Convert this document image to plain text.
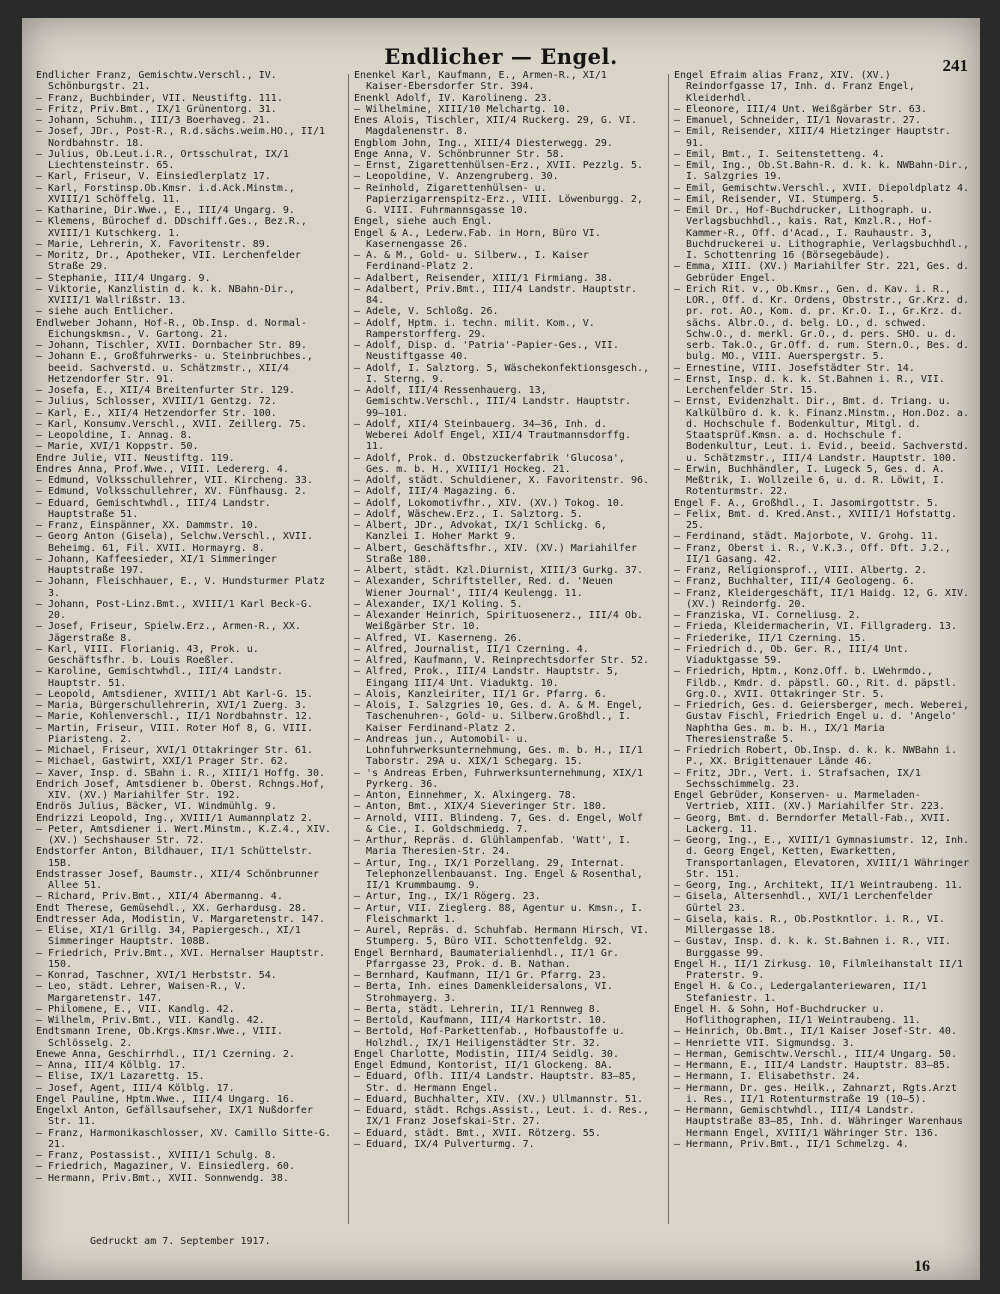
Endlicher — Engel.	241

Endlicher Franz, Gemischtw.Verschl., IV. Schönburgstr. 21.

– Franz, Buchbinder, VII. Neustiftg. 111.

– Fritz, Priv.Bmt., IX/1 Grünentorg. 31.

– Johann, Schuhm., III/3 Boerhaveg. 21.

– Josef, JDr., Post-R., R.d.sächs.weim.HO., II/1 Nordbahnstr. 18.

– Julius, Ob.Leut.i.R., Ortsschulrat, IX/1 Liechtensteinstr. 65.

– Karl, Friseur, V. Einsiedlerplatz 17.

– Karl, Forstinsp.Ob.Kmsr. i.d.Ack.Minstm., XVIII/1 Schöffelg. 11.

– Katharine, Dir.Wwe., E., III/4 Ungarg. 9.

– Klemens, Bürochef d. DDschiff.Ges., Bez.R., XVIII/1 Kutschkerg. 1.

– Marie, Lehrerin, X. Favoritenstr. 89.

– Moritz, Dr., Apotheker, VII. Lerchenfelder Straße 29.

– Stephanie, III/4 Ungarg. 9.

– Viktorie, Kanzlistin d. k. k. NBahn-Dir., XVIII/1 Wallrißstr. 13.

– siehe auch Entlicher.

Endlweber Johann, Hof-R., Ob.Insp. d. Normal-Eichungskmsn., V. Gartong. 21.

– Johann, Tischler, XVII. Dornbacher Str. 89.

– Johann E., Großfuhrwerks- u. Steinbruchbes., beeid. Sachverstd. u. Schätzmstr., XII/4 Hetzendorfer Str. 91.

– Josefa, E., XII/4 Breitenfurter Str. 129.

– Julius, Schlosser, XVIII/1 Gentzg. 72.

– Karl, E., XII/4 Hetzendorfer Str. 100.

– Karl, Konsumv.Verschl., XVII. Zeillerg. 75.

– Leopoldine, I. Annag. 8.

– Marie, XVI/1 Koppstr. 50.

Endre Julie, VII. Neustiftg. 119.

Endres Anna, Prof.Wwe., VIII. Ledererg. 4.

– Edmund, Volksschullehrer, VII. Kircheng. 33.

– Edmund, Volksschullehrer, XV. Fünfhausg. 2.

– Eduard, Gemischtwhdl., III/4 Landstr. Hauptstraße 51.

– Franz, Einspänner, XX. Dammstr. 10.

– Georg Anton (Gisela), Selchw.Verschl., XVII. Beheimg. 61, Fil. XVII. Hormayrg. 8.

– Johann, Kaffeesieder, XI/1 Simmeringer Hauptstraße 197.

– Johann, Fleischhauer, E., V. Hundsturmer Platz 3.

– Johann, Post-Linz.Bmt., XVIII/1 Karl Beck-G. 20.

– Josef, Friseur, Spielw.Erz., Armen-R., XX. Jägerstraße 8.

– Karl, VIII. Florianig. 43, Prok. u. Geschäftsfhr. b. Louis Roeßler.

– Karoline, Gemischtwhdl., III/4 Landstr. Hauptstr. 51.

– Leopold, Amtsdiener, XVIII/1 Abt Karl-G. 15.

– Maria, Bürgerschullehrerin, XVI/1 Zuerg. 3.

– Marie, Kohlenverschl., II/1 Nordbahnstr. 12.

– Martin, Friseur, VIII. Roter Hof 8, G. VIII. Piaristeng. 2.

– Michael, Friseur, XVI/1 Ottakringer Str. 61.

– Michael, Gastwirt, XXI/1 Prager Str. 62.

– Xaver, Insp. d. SBahn i. R., XIII/1 Hoffg. 30.

Endrich Josef, Amtsdiener b. Oberst. Rchngs.Hof, XIV. (XV.) Mariahilfer Str. 192.

Endrös Julius, Bäcker, VI. Windmühlg. 9.

Endrizzi Leopold, Ing., XVIII/1 Aumannplatz 2.

– Peter, Amtsdiener i. Wert.Minstm., K.Z.4., XIV. (XV.) Sechshauser Str. 72.

Endstorfer Anton, Bildhauer, II/1 Schüttelstr. 15B.

Endstrasser Josef, Baumstr., XII/4 Schönbrunner Allee 51.

– Richard, Priv.Bmt., XII/4 Abermanng. 4.

Endt Therese, Gemüsehdl., XX. Gerhardusg. 28.

Endtresser Ada, Modistin, V. Margaretenstr. 147.

– Elise, XI/1 Grillg. 34, Papiergesch., XI/1 Simmeringer Hauptstr. 108B.

– Friedrich, Priv.Bmt., XVI. Hernalser Hauptstr. 150.

– Konrad, Taschner, XVI/1 Herbststr. 54.

– Leo, städt. Lehrer, Waisen-R., V. Margaretenstr. 147.

– Philomene, E., VII. Kandlg. 42.

– Wilhelm, Priv.Bmt., VII. Kandlg. 42.

Endtsmann Irene, Ob.Krgs.Kmsr.Wwe., VIII. Schlösselg. 2.

Enewe Anna, Geschirrhdl., II/1 Czerning. 2.

– Anna, III/4 Kölblg. 17.

– Elise, IX/1 Lazarettg. 15.

– Josef, Agent, III/4 Kölblg. 17.

Engel Pauline, Hptm.Wwe., III/4 Ungarg. 16.

Engelxl Anton, Gefällsaufseher, IX/1 Nußdorfer Str. 11.

– Franz, Harmonikaschlosser, XV. Camillo Sitte-G. 21.

– Franz, Postassist., XVIII/1 Schulg. 8.

– Friedrich, Magaziner, V. Einsiedlerg. 60.

– Hermann, Priv.Bmt., XVII. Sonnwendg. 38.

Enenkel Karl, Kaufmann, E., Armen-R., XI/1 Kaiser-Ebersdorfer Str. 394.

Enenkl Adolf, IV. Karolineng. 23.

– Wilhelmine, XIII/10 Melchartg. 10.

Enes Alois, Tischler, XII/4 Ruckerg. 29, G. VI. Magdalenenstr. 8.

Engblom John, Ing., XIII/4 Diesterwegg. 29.

Enge Anna, V. Schönbrunner Str. 58.

– Ernst, Zigarettenhülsen-Erz., XVII. Pezzlg. 5.

– Leopoldine, V. Anzengruberg. 30.

– Reinhold, Zigarettenhülsen- u. Papierzigarrenspitz-Erz., VIII. Löwenburgg. 2, G. VIII. Fuhrmannsgasse 10.

Engel, siehe auch Engl.

Engel & A., Lederw.Fab. in Horn, Büro VI. Kasernengasse 26.

– A. & M., Gold- u. Silberw., I. Kaiser Ferdinand-Platz 2.

– Adalbert, Reisender, XIII/1 Firmiang. 38.

– Adalbert, Priv.Bmt., III/4 Landstr. Hauptstr. 84.

– Adele, V. Schloßg. 26.

– Adolf, Hptm. i. techn. milit. Kom., V. Ramperstorfferg. 29.

– Adolf, Disp. d. 'Patria'-Papier-Ges., VII. Neustiftgasse 40.

– Adolf, I. Salztorg. 5, Wäschekonfektionsgesch., I. Sterng. 9.

– Adolf, III/4 Ressenhauerg. 13, Gemischtw.Verschl., III/4 Landstr. Hauptstr. 99–101.

– Adolf, XII/4 Steinbauerg. 34–36, Inh. d. Weberei Adolf Engel, XII/4 Trautmannsdorffg. 11.

– Adolf, Prok. d. Obstzuckerfabrik 'Glucosa', Ges. m. b. H., XVIII/1 Hockeg. 21.

– Adolf, städt. Schuldiener, X. Favoritenstr. 96.

– Adolf, III/4 Magazing. 6.

– Adolf, Lokomotivfhr., XIV. (XV.) Tokog. 10.

– Adolf, Wäschew.Erz., I. Salztorg. 5.

– Albert, JDr., Advokat, IX/1 Schlickg. 6, Kanzlei I. Hoher Markt 9.

– Albert, Geschäftsfhr., XIV. (XV.) Mariahilfer Straße 180.

– Albert, städt. Kzl.Diurnist, XIII/3 Gurkg. 37.

– Alexander, Schriftsteller, Red. d. 'Neuen Wiener Journal', III/4 Keulengg. 11.

– Alexander, IX/1 Koling. 5.

– Alexander Heinrich, Spirituosenerz., III/4 Ob. Weißgärber Str. 10.

– Alfred, VI. Kaserneng. 26.

– Alfred, Journalist, II/1 Czerning. 4.

– Alfred, Kaufmann, V. Reinprechtsdorfer Str. 52.

– Alfred, Prok., III/4 Landstr. Hauptstr. 5, Eingang III/4 Unt. Viaduktg. 10.

– Alois, Kanzleiriter, II/1 Gr. Pfarrg. 6.

– Alois, I. Salzgries 10, Ges. d. A. & M. Engel, Taschenuhren-, Gold- u. Silberw.Großhdl., I. Kaiser Ferdinand-Platz 2.

– Andreas jun., Automobil- u. Lohnfuhrwerksunternehmung, Ges. m. b. H., II/1 Taborstr. 29A u. XIX/1 Schegarg. 15.

– 's Andreas Erben, Fuhrwerksunternehmung, XIX/1 Pyrkerg. 36.

– Anton, Einnehmer, X. Alxingerg. 78.

– Anton, Bmt., XIX/4 Sieveringer Str. 180.

– Arnold, VIII. Blindeng. 7, Ges. d. Engel, Wolf & Cie., I. Goldschmiedg. 7.

– Arthur, Repräs. d. Glühlampenfab. 'Watt', I. Maria Theresien-Str. 24.

– Artur, Ing., IX/1 Porzellang. 29, Internat. Telephonzellenbauanst. Ing. Engel & Rosenthal, II/1 Krummbaumg. 9.

– Artur, Ing., IX/1 Rögerg. 23.

– Artur, VII. Zieglerg. 88, Agentur u. Kmsn., I. Fleischmarkt 1.

– Aurel, Repräs. d. Schuhfab. Hermann Hirsch, VI. Stumperg. 5, Büro VII. Schottenfeldg. 92.

Engel Bernhard, Baumaterialienhdl., II/1 Gr. Pfarrgasse 23, Prok. d. B. Nathan.

– Bernhard, Kaufmann, II/1 Gr. Pfarrg. 23.

– Berta, Inh. eines Damenkleidersalons, VI. Strohmayerg. 3.

– Berta, städt. Lehrerin, II/1 Rennweg 8.

– Bertold, Kaufmann, III/4 Harkortstr. 10.

– Bertold, Hof-Parkettenfab., Hofbaustoffe u. Holzhdl., IX/1 Heiligenstädter Str. 32.

Engel Charlotte, Modistin, III/4 Seidlg. 30.

Engel Edmund, Kontorist, II/1 Glockeng. 8A.

– Eduard, Oflh. III/4 Landstr. Hauptstr. 83–85, Str. d. Hermann Engel.

– Eduard, Buchhalter, XIV. (XV.) Ullmannstr. 51.

– Eduard, städt. Rchgs.Assist., Leut. i. d. Res., IX/1 Franz Josefskai-Str. 27.

– Eduard, städt. Bmt., XVII. Rötzerg. 55.

– Eduard, IX/4 Pulverturmg. 7.

Engel Efraim alias Franz, XIV. (XV.) Reindorfgasse 17, Inh. d. Franz Engel, Kleiderhdl.

– Eleonore, III/4 Unt. Weißgärber Str. 63.

– Emanuel, Schneider, II/1 Novarastr. 27.

– Emil, Reisender, XIII/4 Hietzinger Hauptstr. 91.

– Emil, Bmt., I. Seitenstetteng. 4.

– Emil, Ing., Ob.St.Bahn-R. d. k. k. NWBahn-Dir., I. Salzgries 19.

– Emil, Gemischtw.Verschl., XVII. Diepoldplatz 4.

– Emil, Reisender, VI. Stumperg. 5.

– Emil Dr., Hof-Buchdrucker, Lithograph. u. Verlagsbuchhdl., kais. Rat, Kmzl.R., Hof-Kammer-R., Off. d'Acad., I. Rauhaustr. 3, Buchdruckerei u. Lithographie, Verlagsbuchhdl., I. Schottenring 16 (Börsegebäude).

– Emma, XIII. (XV.) Mariahilfer Str. 221, Ges. d. Gebrüder Engel.

– Erich Rit. v., Ob.Kmsr., Gen. d. Kav. i. R., LOR., Off. d. Kr. Ordens, Obstrstr., Gr.Krz. d. pr. rot. AO., Kom. d. pr. Kr.O. I., Gr.Krz. d. sächs. Albr.O., d. belg. LO., d. schwed. Schw.O., d. merkl. Gr.O., d. pers. SHO. u. d. serb. Tak.O., Gr.Off. d. rum. Stern.O., Bes. d. bulg. MO., VIII. Auerspergstr. 5.

– Ernestine, VIII. Josefstädter Str. 14.

– Ernst, Insp. d. k. k. St.Bahnen i. R., VII. Lerchenfelder Str. 15.

– Ernst, Evidenzhalt. Dir., Bmt. d. Triang. u. Kalkülbüro d. k. k. Finanz.Minstm., Hon.Doz. a. d. Hochschule f. Bodenkultur, Mitgl. d. Staatsprüf.Kmsn. a. d. Hochschule f. Bodenkultur, Leut. i. Evid., beeid. Sachverstd. u. Schätzmstr., III/4 Landstr. Hauptstr. 100.

– Erwin, Buchhändler, I. Lugeck 5, Ges. d. A. Meßtrik, I. Wollzeile 6, u. d. R. Löwit, I. Rotenturmstr. 22.

Engel F. A., Großhdl., I. Jasomirgottstr. 5.

– Felix, Bmt. d. Kred.Anst., XVIII/1 Hofstattg. 25.

– Ferdinand, städt. Majorbote, V. Grohg. 11.

– Franz, Oberst i. R., V.K.3., Off. Dft. J.2., II/1 Gasang. 42.

– Franz, Religionsprof., VIII. Albertg. 2.

– Franz, Buchhalter, III/4 Geologeng. 6.

– Franz, Kleidergeschäft, II/1 Haidg. 12, G. XIV. (XV.) Reindorfg. 20.

– Franziska, VI. Corneliusg. 2.

– Frieda, Kleidermacherin, VI. Fillgraderg. 13.

– Friederike, II/1 Czerning. 15.

– Friedrich d., Ob. Ger. R., III/4 Unt. Viaduktgasse 59.

– Friedrich, Hptm., Konz.Off. b. LWehrmdo., Fildb., Kmdr. d. päpstl. GO., Rit. d. päpstl. Grg.O., XVII. Ottakringer Str. 5.

– Friedrich, Ges. d. Geiersberger, mech. Weberei, Gustav Fischl, Friedrich Engel u. d. 'Angelo' Naphtha Ges. m. b. H., IX/1 Maria Theresienstraße 5.

– Friedrich Robert, Ob.Insp. d. k. k. NWBahn i. P., XX. Brigittenauer Lände 46.

– Fritz, JDr., Vert. i. Strafsachen, IX/1 Sechsschimmelg. 23.

Engel Gebrüder, Konserven- u. Marmeladen-Vertrieb, XIII. (XV.) Mariahilfer Str. 223.

– Georg, Bmt. d. Berndorfer Metall-Fab., XVII. Lackerg. 11.

– Georg, Ing., E., XVIII/1 Gymnasiumstr. 12, Inh. d. Georg Engel, Ketten, Ewarketten, Transportanlagen, Elevatoren, XVIII/1 Währinger Str. 151.

– Georg, Ing., Architekt, II/1 Weintraubeng. 11.

– Gisela, Altersenhdl., XVI/1 Lerchenfelder Gürtel 23.

– Gisela, kais. R., Ob.Postkntlor. i. R., VI. Millergasse 18.

– Gustav, Insp. d. k. k. St.Bahnen i. R., VII. Burggasse 99.

Engel H., II/1 Zirkusg. 10, Filmleihanstalt II/1 Praterstr. 9.

Engel H. & Co., Ledergalanteriewaren, II/1 Stefaniestr. 1.

Engel H. & Sohn, Hof-Buchdrucker u. Hoflithographen, II/1 Weintraubeng. 11.

– Heinrich, Ob.Bmt., II/1 Kaiser Josef-Str. 40.

– Henriette VII. Sigmundsg. 3.

– Herman, Gemischtw.Verschl., III/4 Ungarg. 50.

– Hermann, E., III/4 Landstr. Hauptstr. 83–85.

– Hermann, I. Elisabethstr. 24.

– Hermann, Dr. ges. Heilk., Zahnarzt, Rgts.Arzt i. Res., II/1 Rotenturmstraße 19 (10–5).

– Hermann, Gemischtwhdl., III/4 Landstr. Hauptstraße 83–85, Inh. d. Währinger Warenhaus Hermann Engel, XVIII/1 Währinger Str. 136.

– Hermann, Priv.Bmt., II/1 Schmelzg. 4.

Gedruckt am 7. September 1917.
16
